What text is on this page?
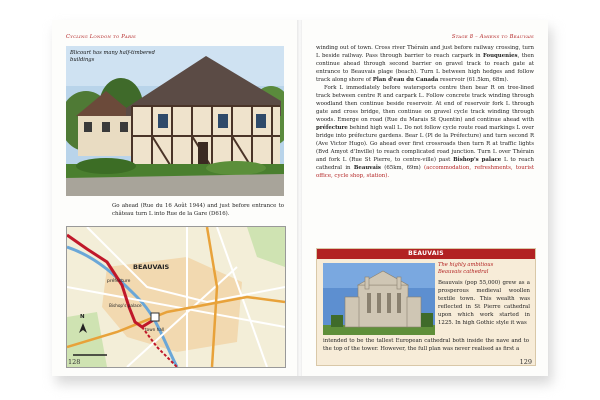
Cycling London to Paris
Blicourt has many half-timbered
buildings
Go ahead (Rue du 16 Août 1944) and just before entrance to château turn L into Rue de la Gare (D616).
BEAUVAIS
préfecture
Bishop's palace
town hall
N
128
Stage 8 – Amiens to Beauvais

winding out of town. Cross river Thérain and just before railway crossing, turn L beside railway. Pass through barrier to reach carpark in Fouquenies, then continue ahead through second barrier on gravel track to reach gate at entrance to Beauvais plage (beach). Turn L between high hedges and follow track along shore of Plan d'eau du Canada reservoir (61.5km, 68m).

Fork L immediately before watersports centre then bear R on tree-lined track between centre R and carpark L. Follow concrete track winding through woodland then continue beside reservoir. At end of reservoir fork L through gate and cross bridge, then continue on gravel cycle track winding through woods. Emerge on road (Rue du Marais St Quentin) and continue ahead with préfecture behind high wall L. Do not follow cycle route road markings L over bridge into préfecture gardens. Bear L (Pl de la Préfecture) and turn second R (Ave Victor Hugo). Go ahead over first crossroads then turn R at traffic lights (Bvd Amyot d'Inville) to reach complicated road junction. Turn L over Thérain and fork L (Rue St Pierre, to centre-ville) past Bishop's palace L to reach cathedral in Beauvais (65km, 69m) (accommodation, refreshments, tourist office, cycle shop, station).

BEAUVAIS
The highly ambitious
Beauvais cathedral
Beauvais (pop 55,000) grew as a prosperous medieval woollen textile town. This wealth was reflected in St Pierre cathedral upon which work started in 1225. In high Gothic style it was
intended to be the tallest European cathedral both inside the nave and to the top of the tower. However, the full plan was never realised as first a
129
